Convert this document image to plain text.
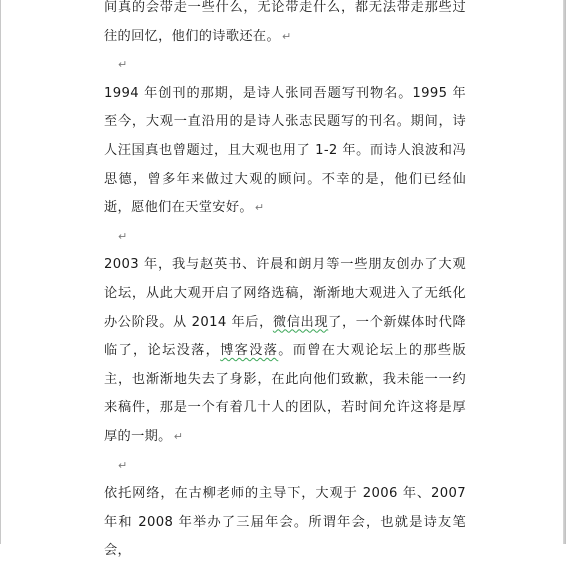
间真的会带走一些什么，无论带走什么，都无法带走那些过往的回忆，他们的诗歌还在。 ↵

↵

1994 年创刊的那期，是诗人张同吾题写刊物名。1995 年至今，大观一直沿用的是诗人张志民题写的刊名。期间，诗人汪国真也曾题过，且大观也用了 1-2 年。而诗人浪波和冯思德，曾多年来做过大观的顾问。不幸的是，他们已经仙逝，愿他们在天堂安好。 ↵

↵

2003 年，我与赵英书、许晨和朗月等一些朋友创办了大观论坛，从此大观开启了网络选稿，渐渐地大观进入了无纸化办公阶段。从 2014 年后，微信出现了，一个新媒体时代降临了，论坛没落，博客没落。而曾在大观论坛上的那些版主，也渐渐地失去了身影，在此向他们致歉，我未能一一约来稿件，那是一个有着几十人的团队，若时间允许这将是厚厚的一期。 ↵

↵

依托网络，在古柳老师的主导下，大观于 2006 年、2007 年和 2008 年举办了三届年会。所谓年会，也就是诗友笔会，
